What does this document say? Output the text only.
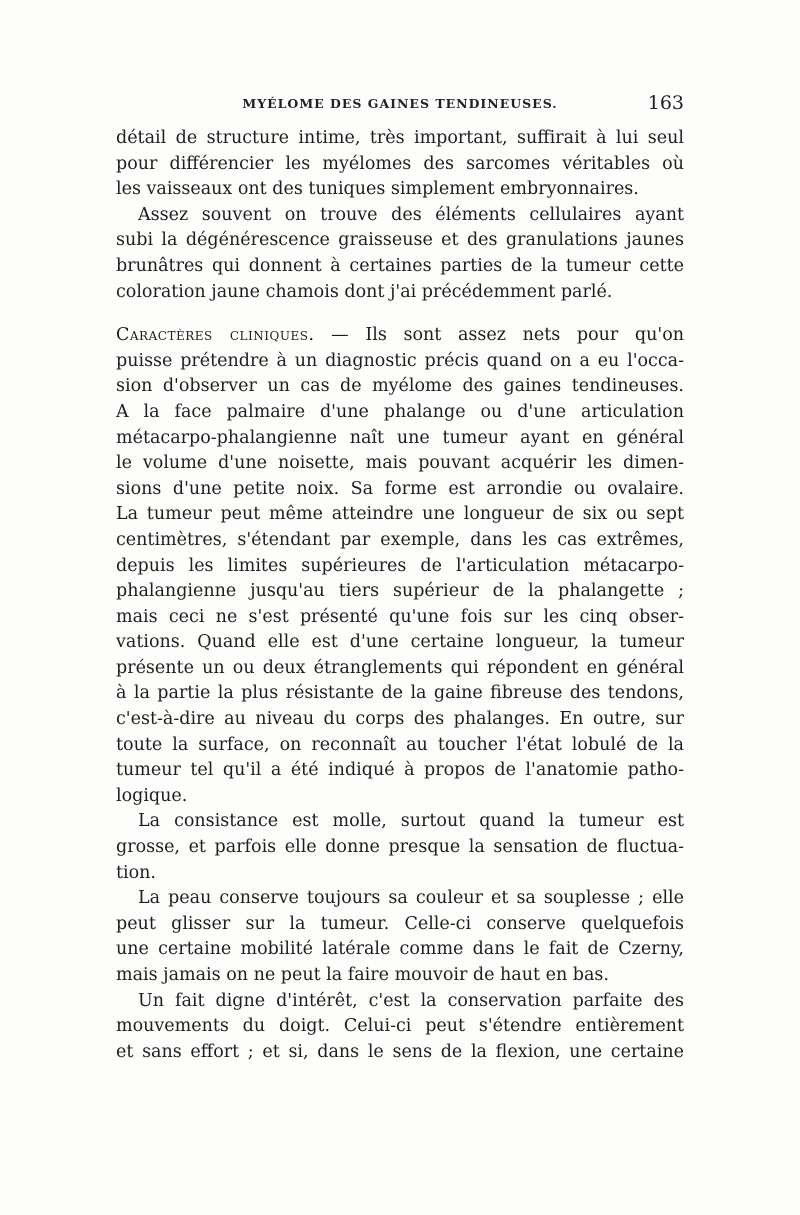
MYÉLOME DES GAINES TENDINEUSES.	163
détail de structure intime, très important, suffirait à lui seul
pour différencier les myélomes des sarcomes véritables où
les vaisseaux ont des tuniques simplement embryonnaires.
Assez souvent on trouve des éléments cellulaires ayant
subi la dégénérescence graisseuse et des granulations jaunes
brunâtres qui donnent à certaines parties de la tumeur cette
coloration jaune chamois dont j'ai précédemment parlé.
Caractères cliniques. — Ils sont assez nets pour qu'on
puisse prétendre à un diagnostic précis quand on a eu l'occa-
sion d'observer un cas de myélome des gaines tendineuses.
A la face palmaire d'une phalange ou d'une articulation
métacarpo-phalangienne naît une tumeur ayant en général
le volume d'une noisette, mais pouvant acquérir les dimen-
sions d'une petite noix. Sa forme est arrondie ou ovalaire.
La tumeur peut même atteindre une longueur de six ou sept
centimètres, s'étendant par exemple, dans les cas extrêmes,
depuis les limites supérieures de l'articulation métacarpo-
phalangienne jusqu'au tiers supérieur de la phalangette ;
mais ceci ne s'est présenté qu'une fois sur les cinq obser-
vations. Quand elle est d'une certaine longueur, la tumeur
présente un ou deux étranglements qui répondent en général
à la partie la plus résistante de la gaine fibreuse des tendons,
c'est-à-dire au niveau du corps des phalanges. En outre, sur
toute la surface, on reconnaît au toucher l'état lobulé de la
tumeur tel qu'il a été indiqué à propos de l'anatomie patho-
logique.
La consistance est molle, surtout quand la tumeur est
grosse, et parfois elle donne presque la sensation de fluctua-
tion.
La peau conserve toujours sa couleur et sa souplesse ; elle
peut glisser sur la tumeur. Celle-ci conserve quelquefois
une certaine mobilité latérale comme dans le fait de Czerny,
mais jamais on ne peut la faire mouvoir de haut en bas.
Un fait digne d'intérêt, c'est la conservation parfaite des
mouvements du doigt. Celui-ci peut s'étendre entièrement
et sans effort ; et si, dans le sens de la flexion, une certaine
